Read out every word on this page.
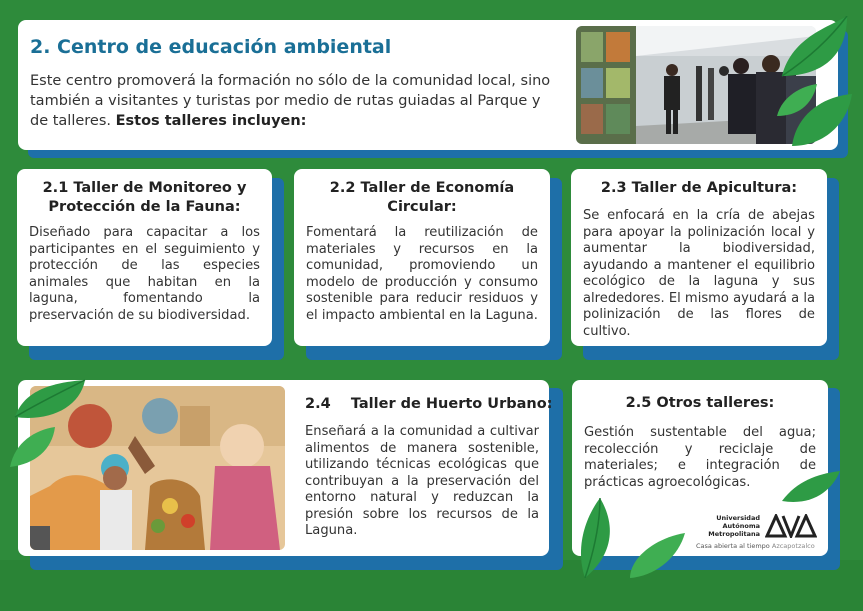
2. Centro de educación ambiental

Este centro promoverá la formación no sólo de la comunidad local, sino también a visitantes y turistas por medio de rutas guiadas al Parque y de talleres. Estos talleres incluyen:

2.1 Taller de Monitoreo y Protección de la Fauna:

Diseñado para capacitar a los participantes en el seguimiento y protección de las especies animales que habitan en la laguna, fomentando la preservación de su biodiversidad.

2.2 Taller de Economía Circular:

Fomentará la reutilización de materiales y recursos en la comunidad, promoviendo un modelo de producción y consumo sostenible para reducir residuos y el impacto ambiental en la Laguna.

2.3 Taller de Apicultura:

Se enfocará en la cría de abejas para apoyar la polinización local y aumentar la biodiversidad, ayudando a mantener el equilibrio ecológico de la laguna y sus alrededores. El mismo ayudará a la polinización de las flores de cultivo.

2.4    Taller de Huerto Urbano:

Enseñará a la comunidad a cultivar alimentos de manera sostenible, utilizando técnicas ecológicas que contribuyan a la preservación del entorno natural y reduzcan la presión sobre los recursos de la Laguna.

2.5 Otros talleres:

Gestión sustentable del agua; recolección y reciclaje de materiales; e integración de prácticas agroecológicas.

Universidad
Autónoma
Metropolitana
Casa abierta al tiempo Azcapotzalco
